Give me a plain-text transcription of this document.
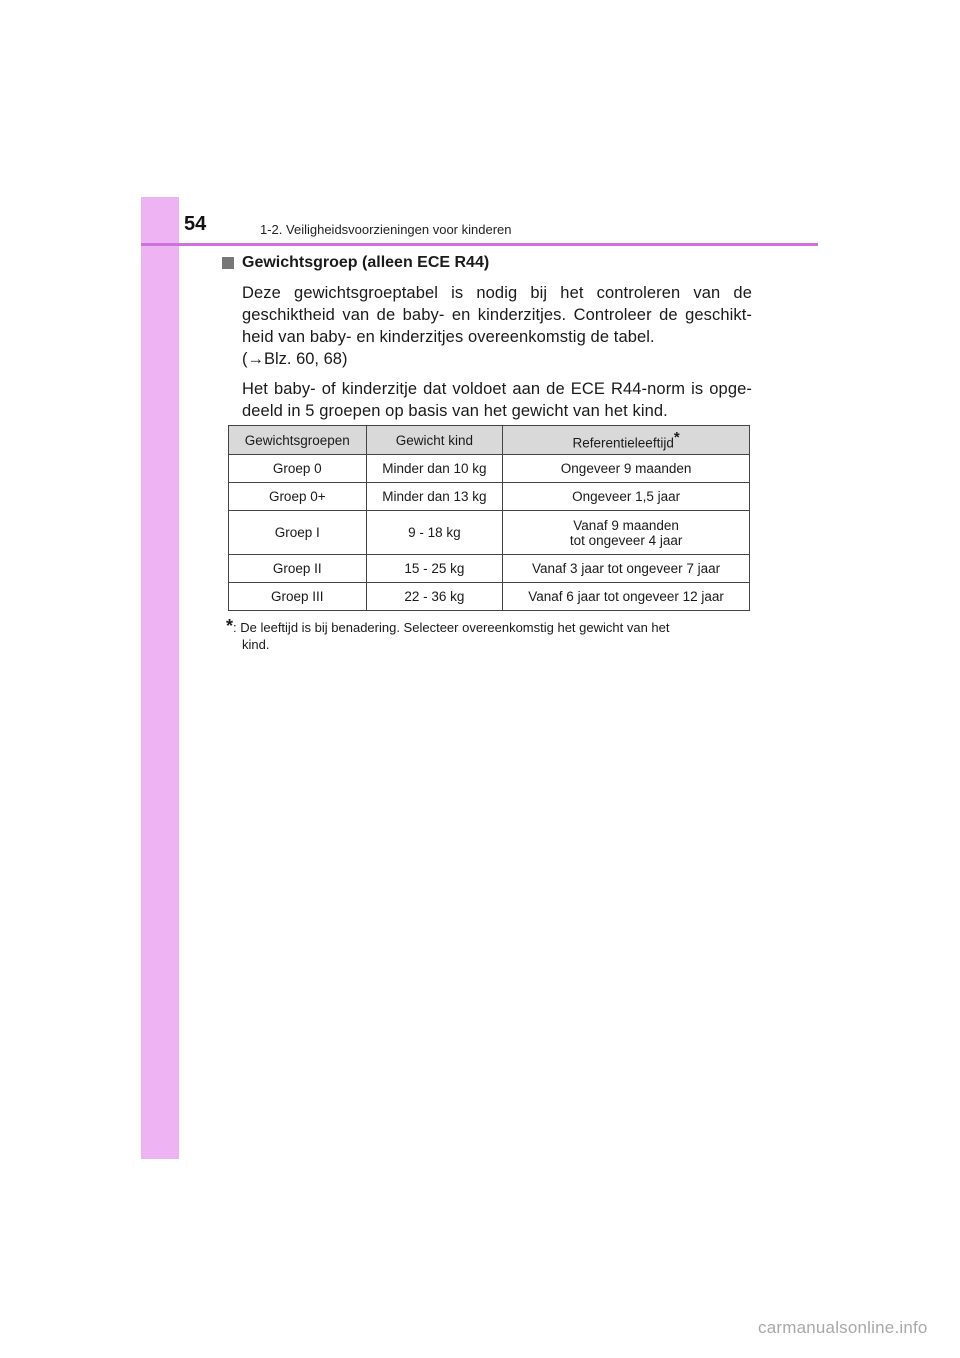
54	1-2. Veiligheidsvoorzieningen voor kinderen
Gewichtsgroep (alleen ECE R44)
Deze gewichtsgroeptabel is nodig bij het controleren van de geschiktheid van de baby- en kinderzitjes. Controleer de geschikt-heid van baby- en kinderzitjes overeenkomstig de tabel.
(→Blz. 60, 68)
Het baby- of kinderzitje dat voldoet aan de ECE R44-norm is opge-deeld in 5 groepen op basis van het gewicht van het kind.
Gewichtsgroepen	Gewicht kind	Referentieleeftijd*
Groep 0	Minder dan 10 kg	Ongeveer 9 maanden
Groep 0+	Minder dan 13 kg	Ongeveer 1,5 jaar
Groep I	9 - 18 kg	Vanaf 9 maanden
tot ongeveer 4 jaar
Groep II	15 - 25 kg	Vanaf 3 jaar tot ongeveer 7 jaar
Groep III	22 - 36 kg	Vanaf 6 jaar tot ongeveer 12 jaar
*: De leeftijd is bij benadering. Selecteer overeenkomstig het gewicht van het
kind.
carmanualsonline.info
